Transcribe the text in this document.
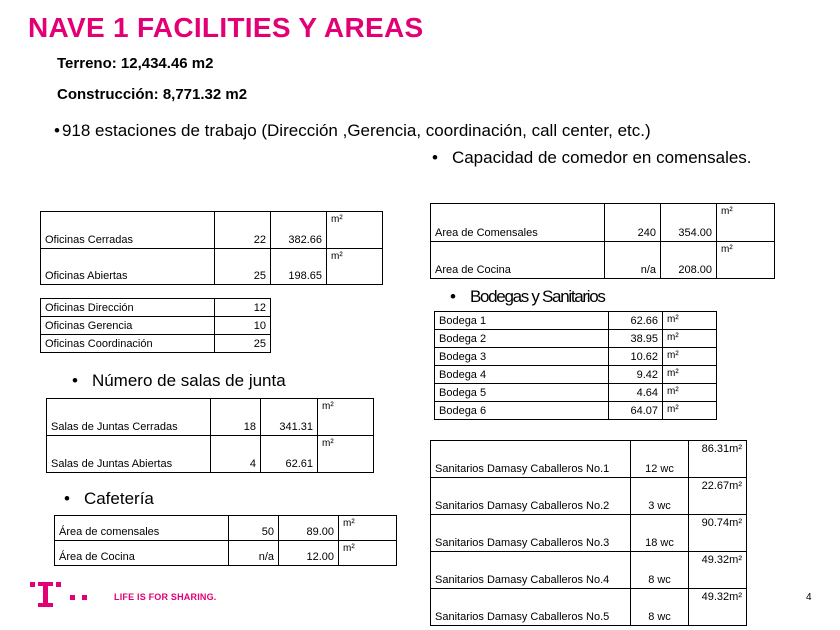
NAVE 1 FACILITIES Y AREAS
Terreno: 12,434.46 m2
Construcción: 8,771.32 m2
• 918 estaciones de trabajo (Dirección ,Gerencia, coordinación, call center, etc.)
• Capacidad de comedor en comensales.
• Bodegas y Sanitarios
• Número de salas de junta
• Cafetería
Oficinas Cerradas	22	382.66	m²
Oficinas Abiertas	25	198.65	m²
Oficinas Dirección	12
Oficinas Gerencia	10
Oficinas Coordinación	25
Salas de Juntas Cerradas	18	341.31	m²
Salas de Juntas Abiertas	4	62.61	m²
Área de comensales	50	89.00	m²
Área de Cocina	n/a	12.00	m²
Area de Comensales	240	354.00	m²
Area de Cocina	n/a	208.00	m²
Bodega 1	62.66	m²
Bodega 2	38.95	m²
Bodega 3	10.62	m²
Bodega 4	9.42	m²
Bodega 5	4.64	m²
Bodega 6	64.07	m²
Sanitarios Damasy Caballeros No.1	12 wc	86.31m²
Sanitarios Damasy Caballeros No.2	3 wc	22.67m²
Sanitarios Damasy Caballeros No.3	18 wc	90.74m²
Sanitarios Damasy Caballeros No.4	8 wc	49.32m²
Sanitarios Damasy Caballeros No.5	8 wc	49.32m²
LIFE IS FOR SHARING.	4
